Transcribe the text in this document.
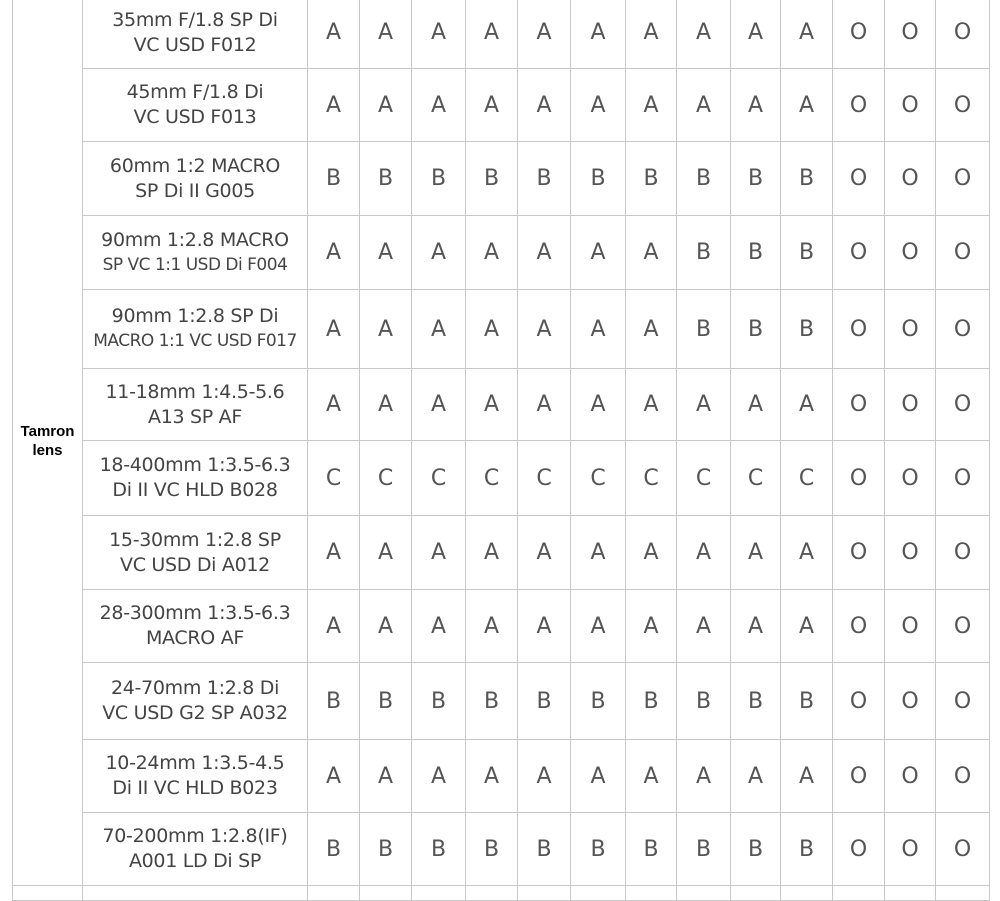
Tamron
lens	35mm F/1.8 SP Di
VC USD F012	A	A	A	A	A	A	A	A	A	A	O	O	O

	45mm F/1.8 Di
VC USD F013	A	A	A	A	A	A	A	A	A	A	O	O	O

	60mm 1:2 MACRO
SP Di II G005	B	B	B	B	B	B	B	B	B	B	O	O	O

	90mm 1:2.8 MACRO
SP VC 1:1 USD Di F004	A	A	A	A	A	A	A	B	B	B	O	O	O

	90mm 1:2.8 SP Di
MACRO 1:1 VC USD F017	A	A	A	A	A	A	A	B	B	B	O	O	O

	11-18mm 1:4.5-5.6
A13 SP AF	A	A	A	A	A	A	A	A	A	A	O	O	O

	18-400mm 1:3.5-6.3
Di II VC HLD B028	C	C	C	C	C	C	C	C	C	C	O	O	O

	15-30mm 1:2.8 SP
VC USD Di A012	A	A	A	A	A	A	A	A	A	A	O	O	O

	28-300mm 1:3.5-6.3
MACRO AF	A	A	A	A	A	A	A	A	A	A	O	O	O

	24-70mm 1:2.8 Di
VC USD G2 SP A032	B	B	B	B	B	B	B	B	B	B	O	O	O

	10-24mm 1:3.5-4.5
Di II VC HLD B023	A	A	A	A	A	A	A	A	A	A	O	O	O

	70-200mm 1:2.8(IF)
A001 LD Di SP	B	B	B	B	B	B	B	B	B	B	O	O	O
